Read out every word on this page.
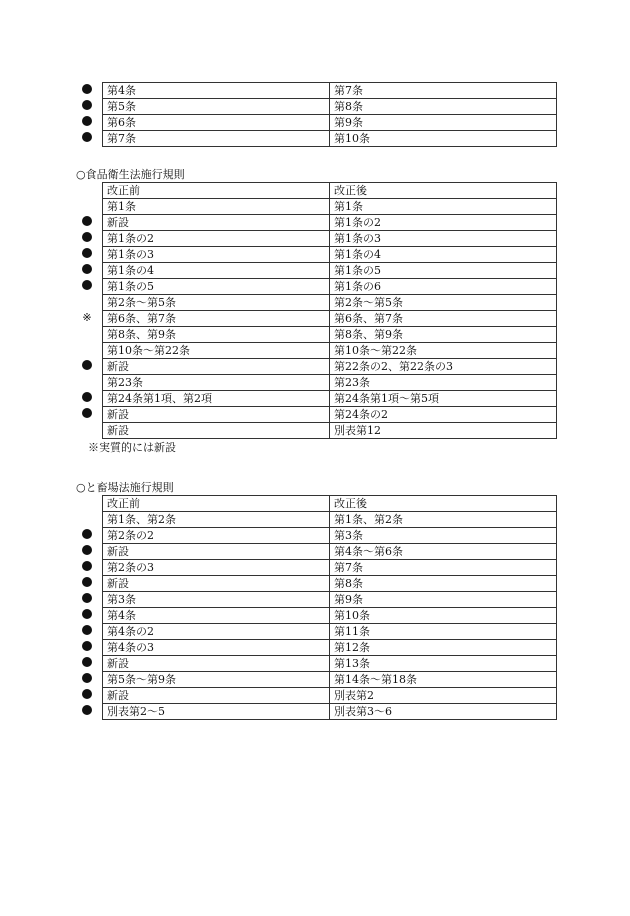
第4条	第7条
第5条	第8条
第6条	第9条
第7条	第10条
○食品衛生法施行規則
※
改正前	改正後
第1条	第1条
新設	第1条の2
第1条の2	第1条の3
第1条の3	第1条の4
第1条の4	第1条の5
第1条の5	第1条の6
第2条〜第5条	第2条〜第5条
第6条、第7条	第6条、第7条
第8条、第9条	第8条、第9条
第10条〜第22条	第10条〜第22条
新設	第22条の2、第22条の3
第23条	第23条
第24条第1項、第2項	第24条第1項〜第5項
新設	第24条の2
新設	別表第12
※実質的には新設
○と畜場法施行規則
改正前	改正後
第1条、第2条	第1条、第2条
第2条の2	第3条
新設	第4条〜第6条
第2条の3	第7条
新設	第8条
第3条	第9条
第4条	第10条
第4条の2	第11条
第4条の3	第12条
新設	第13条
第5条〜第9条	第14条〜第18条
新設	別表第2
別表第2〜5	別表第3〜6
